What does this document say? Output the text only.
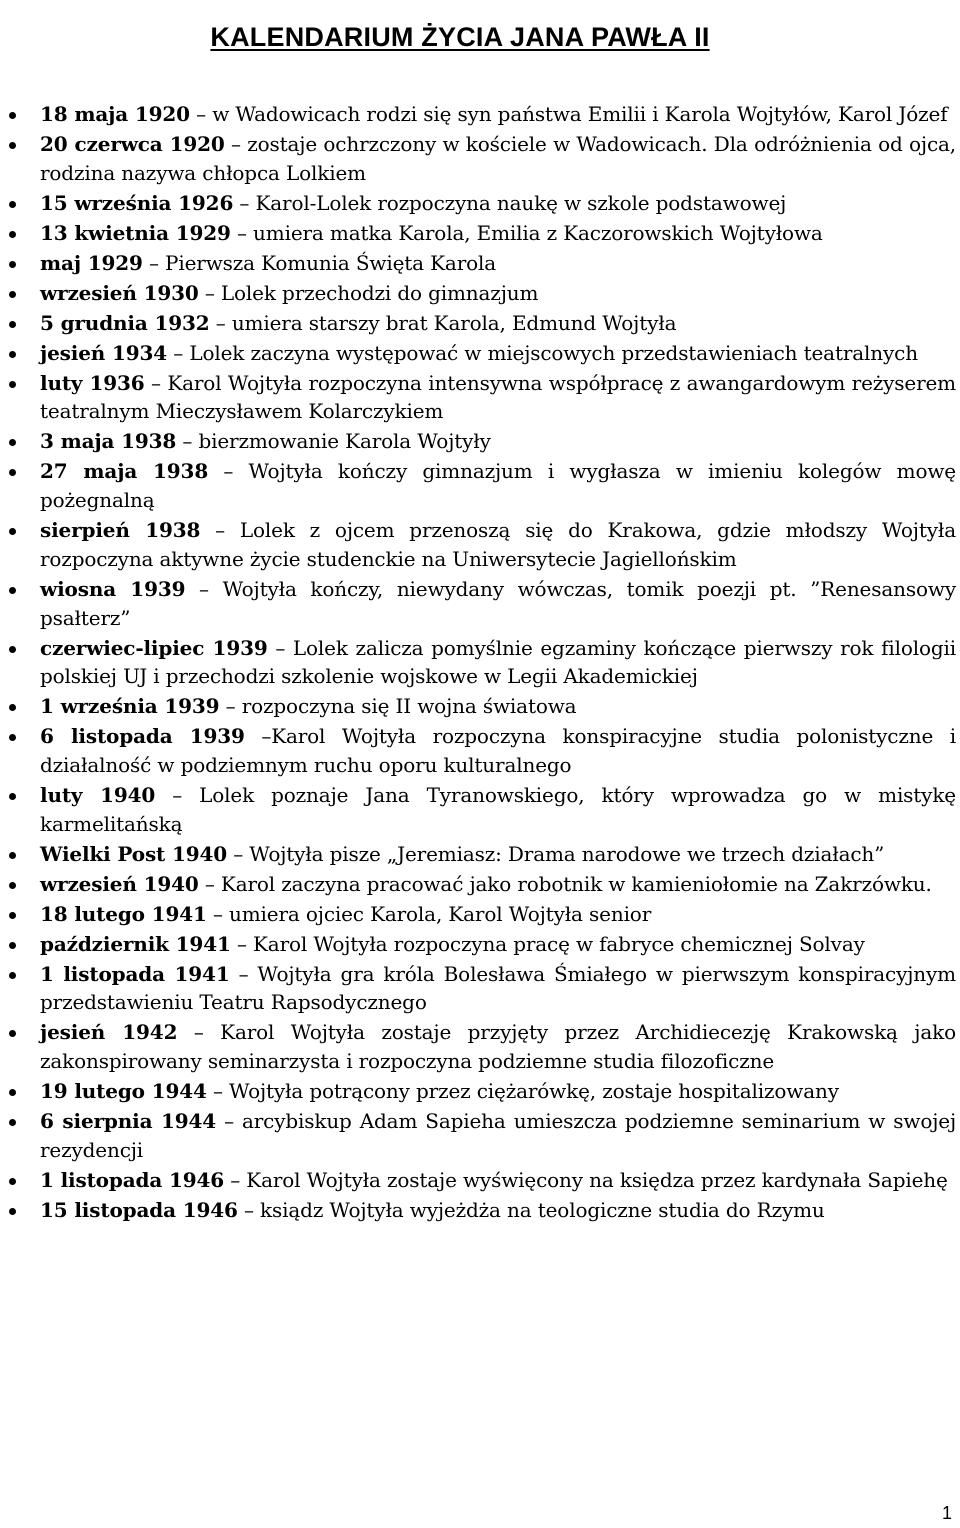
KALENDARIUM ŻYCIA JANA PAWŁA II
18 maja 1920 – w Wadowicach rodzi się syn państwa Emilii i Karola Wojtyłów, Karol Józef
20 czerwca 1920 – zostaje ochrzczony w kościele w Wadowicach. Dla odróżnienia od ojca, rodzina nazywa chłopca Lolkiem
15 września 1926 – Karol-Lolek rozpoczyna naukę w szkole podstawowej
13 kwietnia 1929 – umiera matka Karola, Emilia z Kaczorowskich Wojtyłowa
maj 1929 – Pierwsza Komunia Święta Karola
wrzesień 1930 – Lolek przechodzi do gimnazjum
5 grudnia 1932 – umiera starszy brat Karola, Edmund Wojtyła
jesień 1934 – Lolek zaczyna występować w miejscowych przedstawieniach teatralnych
luty 1936 – Karol Wojtyła rozpoczyna intensywna współpracę z awangardowym reżyserem teatralnym Mieczysławem Kolarczykiem
3 maja 1938 – bierzmowanie Karola Wojtyły
27 maja 1938 – Wojtyła kończy gimnazjum i wygłasza w imieniu kolegów mowę pożegnalną
sierpień 1938 – Lolek z ojcem przenoszą się do Krakowa, gdzie młodszy Wojtyła rozpoczyna aktywne życie studenckie na Uniwersytecie Jagiellońskim
wiosna 1939 – Wojtyła kończy, niewydany wówczas, tomik poezji pt. ”Renesansowy psałterz”
czerwiec-lipiec 1939 – Lolek zalicza pomyślnie egzaminy kończące pierwszy rok filologii polskiej UJ i przechodzi szkolenie wojskowe w Legii Akademickiej
1 września 1939 – rozpoczyna się II wojna światowa
6 listopada 1939 –Karol Wojtyła rozpoczyna konspiracyjne studia polonistyczne i działalność w podziemnym ruchu oporu kulturalnego
luty 1940 – Lolek poznaje Jana Tyranowskiego, który wprowadza go w mistykę karmelitańską
Wielki Post 1940 – Wojtyła pisze „Jeremiasz: Drama narodowe we trzech działach”
wrzesień 1940 – Karol zaczyna pracować jako robotnik w kamieniołomie na Zakrzówku.
18 lutego 1941 – umiera ojciec Karola, Karol Wojtyła senior
październik 1941 – Karol Wojtyła rozpoczyna pracę w fabryce chemicznej Solvay
1 listopada 1941 – Wojtyła gra króla Bolesława Śmiałego w pierwszym konspiracyjnym przedstawieniu Teatru Rapsodycznego
jesień 1942 – Karol Wojtyła zostaje przyjęty przez Archidiecezję Krakowską jako zakonspirowany seminarzysta i rozpoczyna podziemne studia filozoficzne
19 lutego 1944 – Wojtyła potrącony przez ciężarówkę, zostaje hospitalizowany
6 sierpnia 1944 – arcybiskup Adam Sapieha umieszcza podziemne seminarium w swojej rezydencji
1 listopada 1946 – Karol Wojtyła zostaje wyświęcony na księdza przez kardynała Sapiehę
15 listopada 1946 – ksiądz Wojtyła wyjeżdża na teologiczne studia do Rzymu
1
